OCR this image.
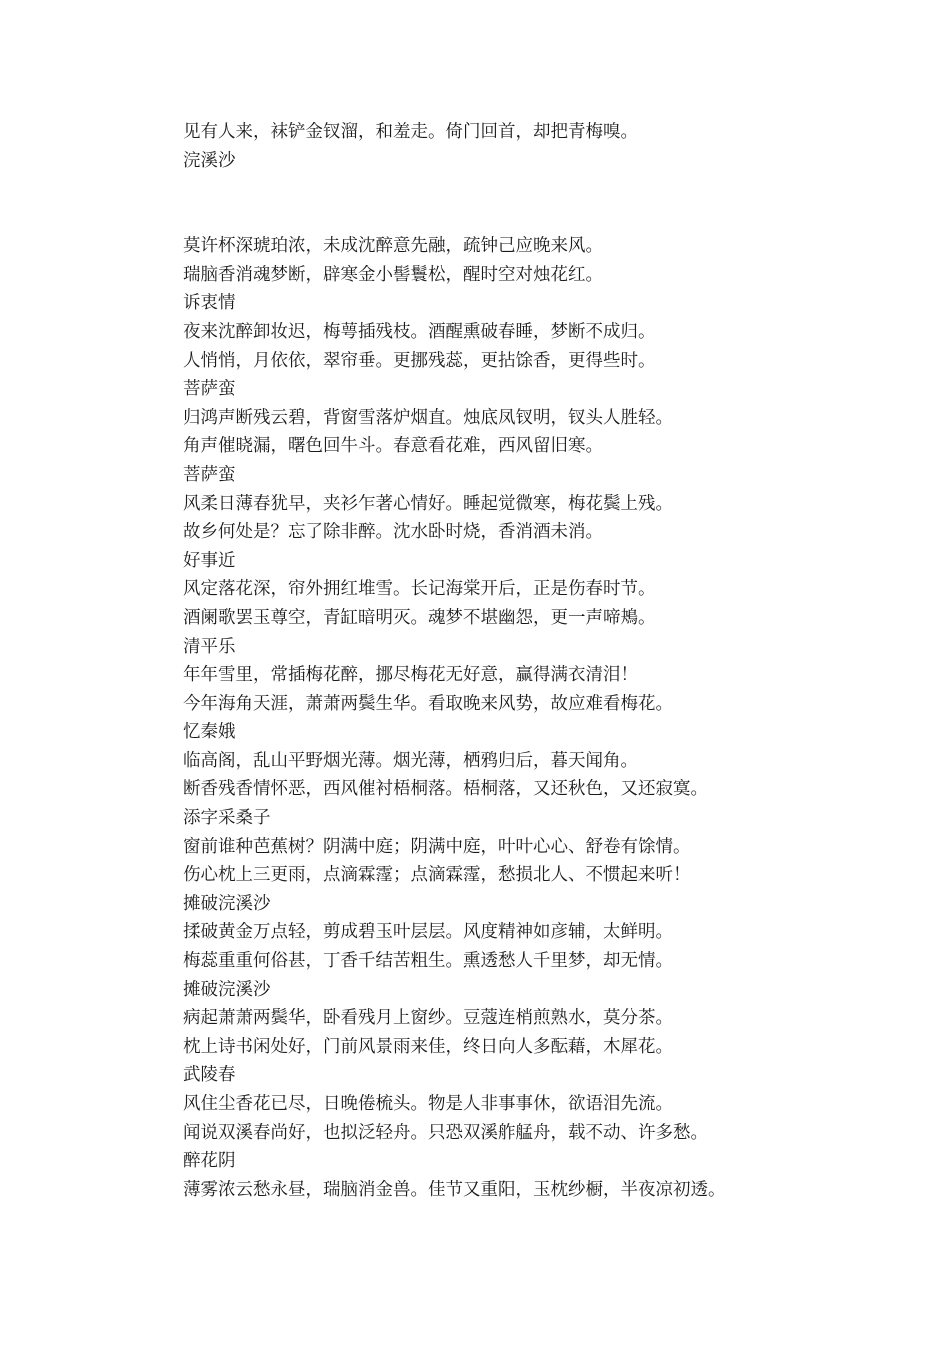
见有人来，袜铲金钗溜，和羞走。倚门回首，却把青梅嗅。
浣溪沙
莫许杯深琥珀浓，未成沈醉意先融，疏钟己应晚来风。
瑞脑香消魂梦断，辟寒金小髻鬟松，醒时空对烛花红。
诉衷情
夜来沈醉卸妆迟，梅萼插残枝。酒醒熏破春睡，梦断不成归。
人悄悄，月依依，翠帘垂。更挪残蕊，更拈馀香，更得些时。
菩萨蛮
归鸿声断残云碧，背窗雪落炉烟直。烛底凤钗明，钗头人胜轻。
角声催晓漏，曙色回牛斗。春意看花难，西风留旧寒。
菩萨蛮
风柔日薄春犹早，夹衫乍著心情好。睡起觉微寒，梅花鬓上残。
故乡何处是？忘了除非醉。沈水卧时烧，香消酒未消。
好事近
风定落花深，帘外拥红堆雪。长记海棠开后，正是伤春时节。
酒阑歌罢玉尊空，青缸暗明灭。魂梦不堪幽怨，更一声啼鴂。
清平乐
年年雪里，常插梅花醉，挪尽梅花无好意，赢得满衣清泪！
今年海角天涯，萧萧两鬓生华。看取晚来风势，故应难看梅花。
忆秦娥
临高阁，乱山平野烟光薄。烟光薄，栖鸦归后，暮天闻角。
断香残香情怀恶，西风催衬梧桐落。梧桐落，又还秋色，又还寂寞。
添字采桑子
窗前谁种芭蕉树？阴满中庭；阴满中庭，叶叶心心、舒卷有馀情。
伤心枕上三更雨，点滴霖霪；点滴霖霪，愁损北人、不惯起来听！
摊破浣溪沙
揉破黄金万点轻，剪成碧玉叶层层。风度精神如彦辅，太鲜明。
梅蕊重重何俗甚，丁香千结苦粗生。熏透愁人千里梦，却无情。
摊破浣溪沙
病起萧萧两鬓华，卧看残月上窗纱。豆蔻连梢煎熟水，莫分茶。
枕上诗书闲处好，门前风景雨来佳，终日向人多酝藉，木犀花。
武陵春
风住尘香花已尽，日晚倦梳头。物是人非事事休，欲语泪先流。
闻说双溪春尚好，也拟泛轻舟。只恐双溪舴艋舟，载不动、许多愁。
醉花阴
薄雾浓云愁永昼，瑞脑消金兽。佳节又重阳，玉枕纱橱，半夜凉初透。
